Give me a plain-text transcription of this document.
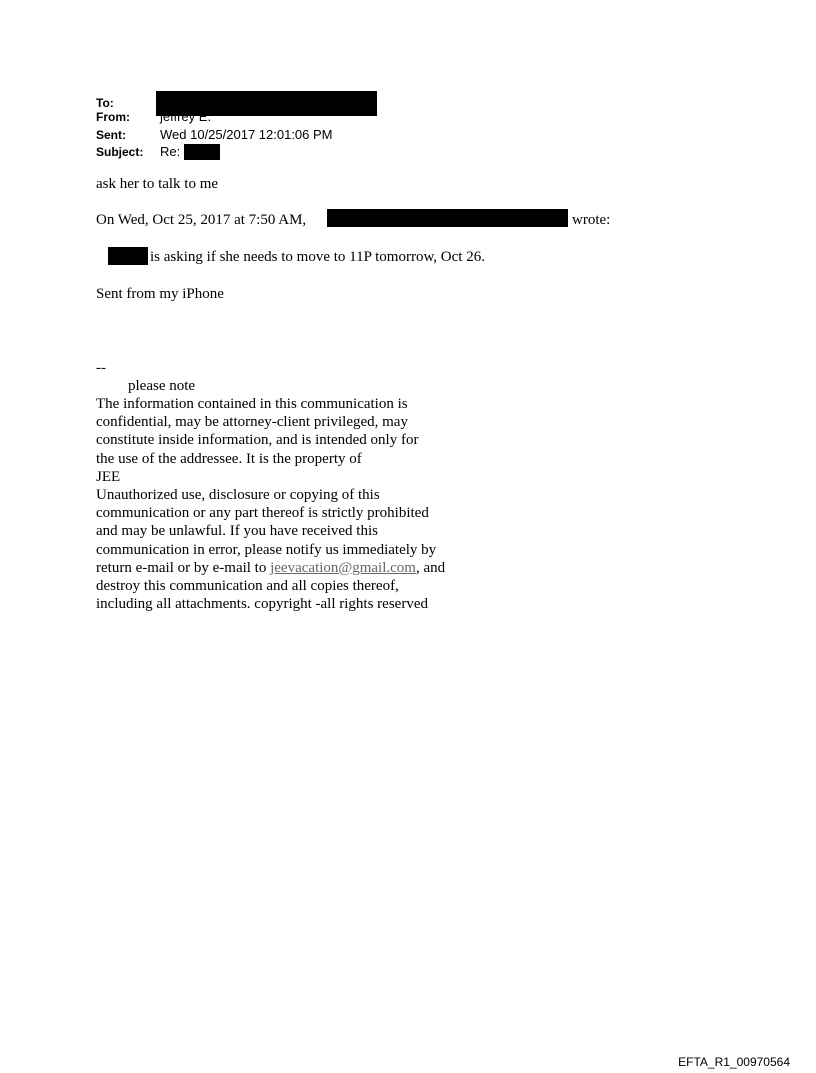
To:
From: jeffrey E.
Sent:	Wed 10/25/2017 12:01:06 PM
Subject: Re:
ask her to talk to me
On Wed, Oct 25, 2017 at 7:50 AM,	wrote:
is asking if she needs to move to 11P tomorrow, Oct 26.
Sent from my iPhone
--
please note
The information contained in this communication is
confidential, may be attorney-client privileged, may
constitute inside information, and is intended only for
the use of the addressee. It is the property of
JEE
Unauthorized use, disclosure or copying of this
communication or any part thereof is strictly prohibited
and may be unlawful. If you have received this
communication in error, please notify us immediately by
return e-mail or by e-mail to jeevacation@gmail.com, and
destroy this communication and all copies thereof,
including all attachments. copyright -all rights reserved
EFTA_R1_00970564
